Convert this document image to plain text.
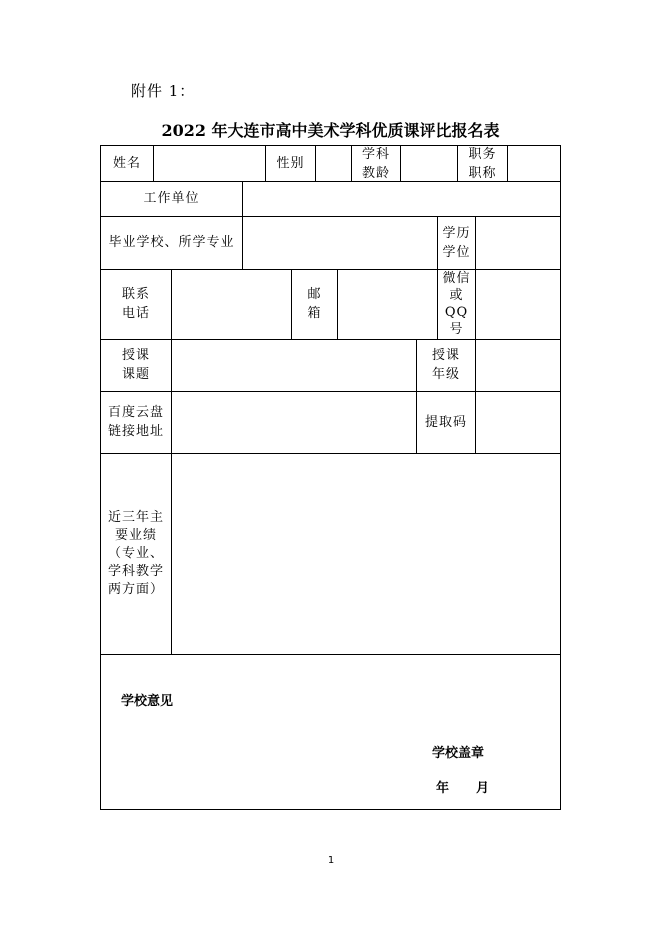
附件 1：
2022 年大连市高中美术学科优质课评比报名表
姓名	性别
学科
教龄
职务
职称
工作单位
毕业学校、所学专业
学历
学位
联系
电话
邮
箱
微信
或
QQ
号
授课
课题
授课
年级
百度云盘
链接地址
提取码
近三年主
要业绩
（专业、
学科教学
两方面）
学校意见
学校盖章
年 月
1
